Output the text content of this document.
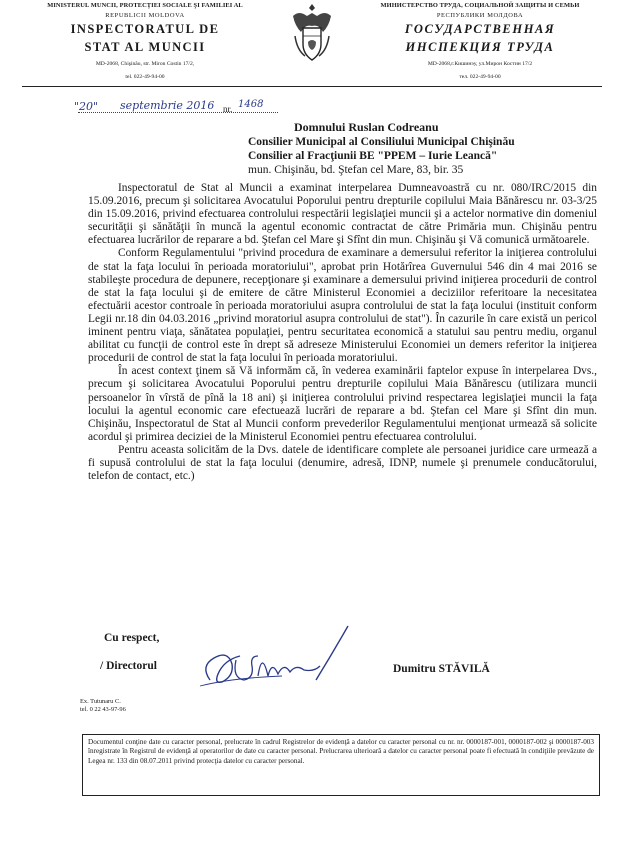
MINISTERUL MUNCII, PROTECŢIEI SOCIALE ŞI FAMILIEI AL
REPUBLICII MOLDOVA
INSPECTORATUL DE
STAT AL MUNCII
MD-2068, Chişinău, str. Miron Costin 17/2,
tel. 022-49-94-00
МИНИСТЕРСТВО ТРУДА, СОЦИАЛЬНОЙ ЗАЩИТЫ И СЕМЬИ
РЕСПУБЛИКИ МОЛДОВА
ГОСУДАРСТВЕННАЯ
ИНСПЕКЦИЯ ТРУДА
MD-2068,г.Кишинэу, ул.Мирон Костин 17/2
тел. 022-49-94-00
"20" septembrie 2016 nr. 1468
Domnului Ruslan Codreanu
Consilier Municipal al Consiliului Municipal Chişinău
Consilier al Fracţiunii BE "PPEM – Iurie Leancă"
mun. Chişinău, bd. Ştefan cel Mare, 83, bir. 35

Inspectoratul de Stat al Muncii a examinat interpelarea Dumneavoastră cu nr. 080/IRC/2015 din 15.09.2016, precum şi solicitarea Avocatului Poporului pentru drepturile copilului Maia Bănărescu nr. 03-3/25 din 15.09.2016, privind efectuarea controlului respectării legislaţiei muncii şi a actelor normative din domeniul securităţii şi sănătăţii în muncă la agentul economic contractat de către Primăria mun. Chişinău pentru efectuarea lucrărilor de reparare a bd. Ştefan cel Mare şi Sfînt din mun. Chişinău şi Vă comunică următoarele.

Conform Regulamentului "privind procedura de examinare a demersului referitor la iniţierea controlului de stat la faţa locului în perioada moratoriului", aprobat prin Hotărîrea Guvernului 546 din 4 mai 2016 se stabileşte procedura de depunere, recepţionare şi examinare a demersului privind iniţierea procedurii de control de stat la faţa locului şi de emitere de către Ministerul Economiei a deciziilor referitoare la necesitatea efectuării acestor controale în perioada moratoriului asupra controlului de stat la faţa locului (instituit conform Legii nr.18 din 04.03.2016 „privind moratoriul asupra controlului de stat"). În cazurile în care există un pericol iminent pentru viaţa, sănătatea populaţiei, pentru securitatea economică a statului sau pentru mediu, organul abilitat cu funcţii de control este în drept să adreseze Ministerului Economiei un demers referitor la iniţierea procedurii de control de stat la faţa locului în perioada moratoriului.

În acest context ţinem să Vă informăm că, în vederea examinării faptelor expuse în interpelarea Dvs., precum şi solicitarea Avocatului Poporului pentru drepturile copilului Maia Bănărescu (utilizara muncii persoanelor în vîrstă de pînă la 18 ani) şi iniţierea controlului privind respectarea legislaţiei muncii la faţa locului la agentul economic care efectuează lucrări de reparare a bd. Ştefan cel Mare şi Sfînt din mun. Chişinău, Inspectoratul de Stat al Muncii conform prevederilor Regulamentului menţionat urmează să solicite acordul şi primirea deciziei de la Ministerul Economiei pentru efectuarea controlului.

Pentru aceasta solicităm de la Dvs. datele de identificare complete ale persoanei juridice care urmează a fi supusă controlului de stat la faţa locului (denumire, adresă, IDNP, numele şi prenumele conducătorului, telefon de contact, etc.)

Cu respect,
/ Directorul	Dumitru STĂVILĂ
Ex. Tutunaru C.
tel. 0 22 43-97-96
Documentul conţine date cu caracter personal, prelucrate în cadrul Registrelor de evidenţă a datelor cu caracter personal cu nr. nr. 0000187-001, 0000187-002 şi 0000187-003 înregistrate în Registrul de evidenţă al operatorilor de date cu caracter personal. Prelucrarea ulterioară a datelor cu caracter personal poate fi efectuată în condiţiile prevăzute de Legea nr. 133 din 08.07.2011 privind protecţia datelor cu caracter personal.
